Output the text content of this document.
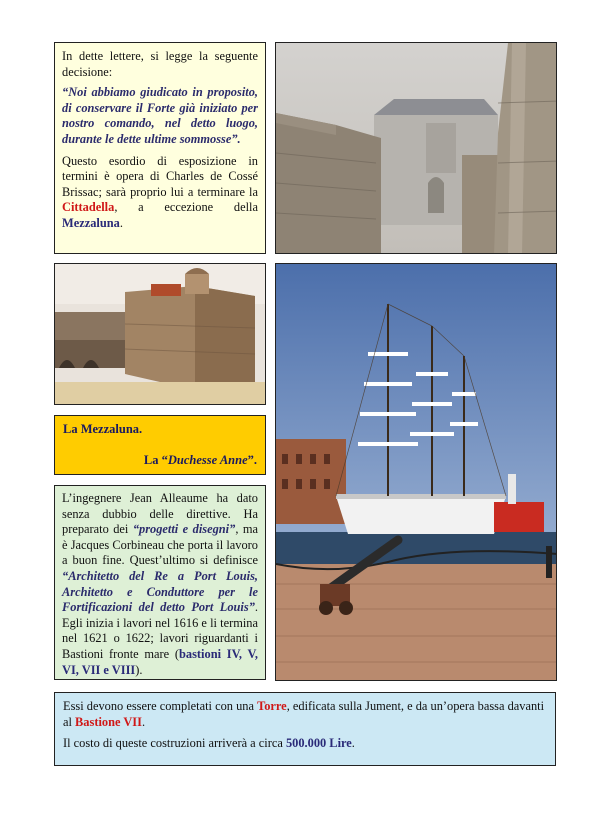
In dette lettere, si legge la seguente decisione:

“Noi abbiamo giudicato in proposito, di conservare il Forte già iniziato per nostro comando, nel detto luogo, durante le dette ultime sommosse”.

Questo esordio di esposizione in termini è opera di Charles de Cossé Brissac; sarà proprio lui a terminare la Cittadella, a eccezione della Mezzaluna.

La Mezzaluna.

La “Duchesse Anne”.

L’ingegnere Jean Alleaume ha dato senza dubbio delle direttive. Ha preparato dei “progetti e disegni”, ma è Jacques Corbineau che porta il lavoro a buon fine. Quest’ultimo si definisce “Architetto del Re a Port Louis, Architetto e Conduttore per le Fortificazioni del detto Port Louis”. Egli inizia i lavori nel 1616 e li termina nel 1621 o 1622; lavori riguardanti i Bastioni fronte mare (bastioni IV, V, VI, VII e VIII).

Essi devono essere completati con una Torre, edificata sulla Jument, e da un’opera bassa davanti al Bastione VII.

Il costo di queste costruzioni arriverà a circa 500.000 Lire.
